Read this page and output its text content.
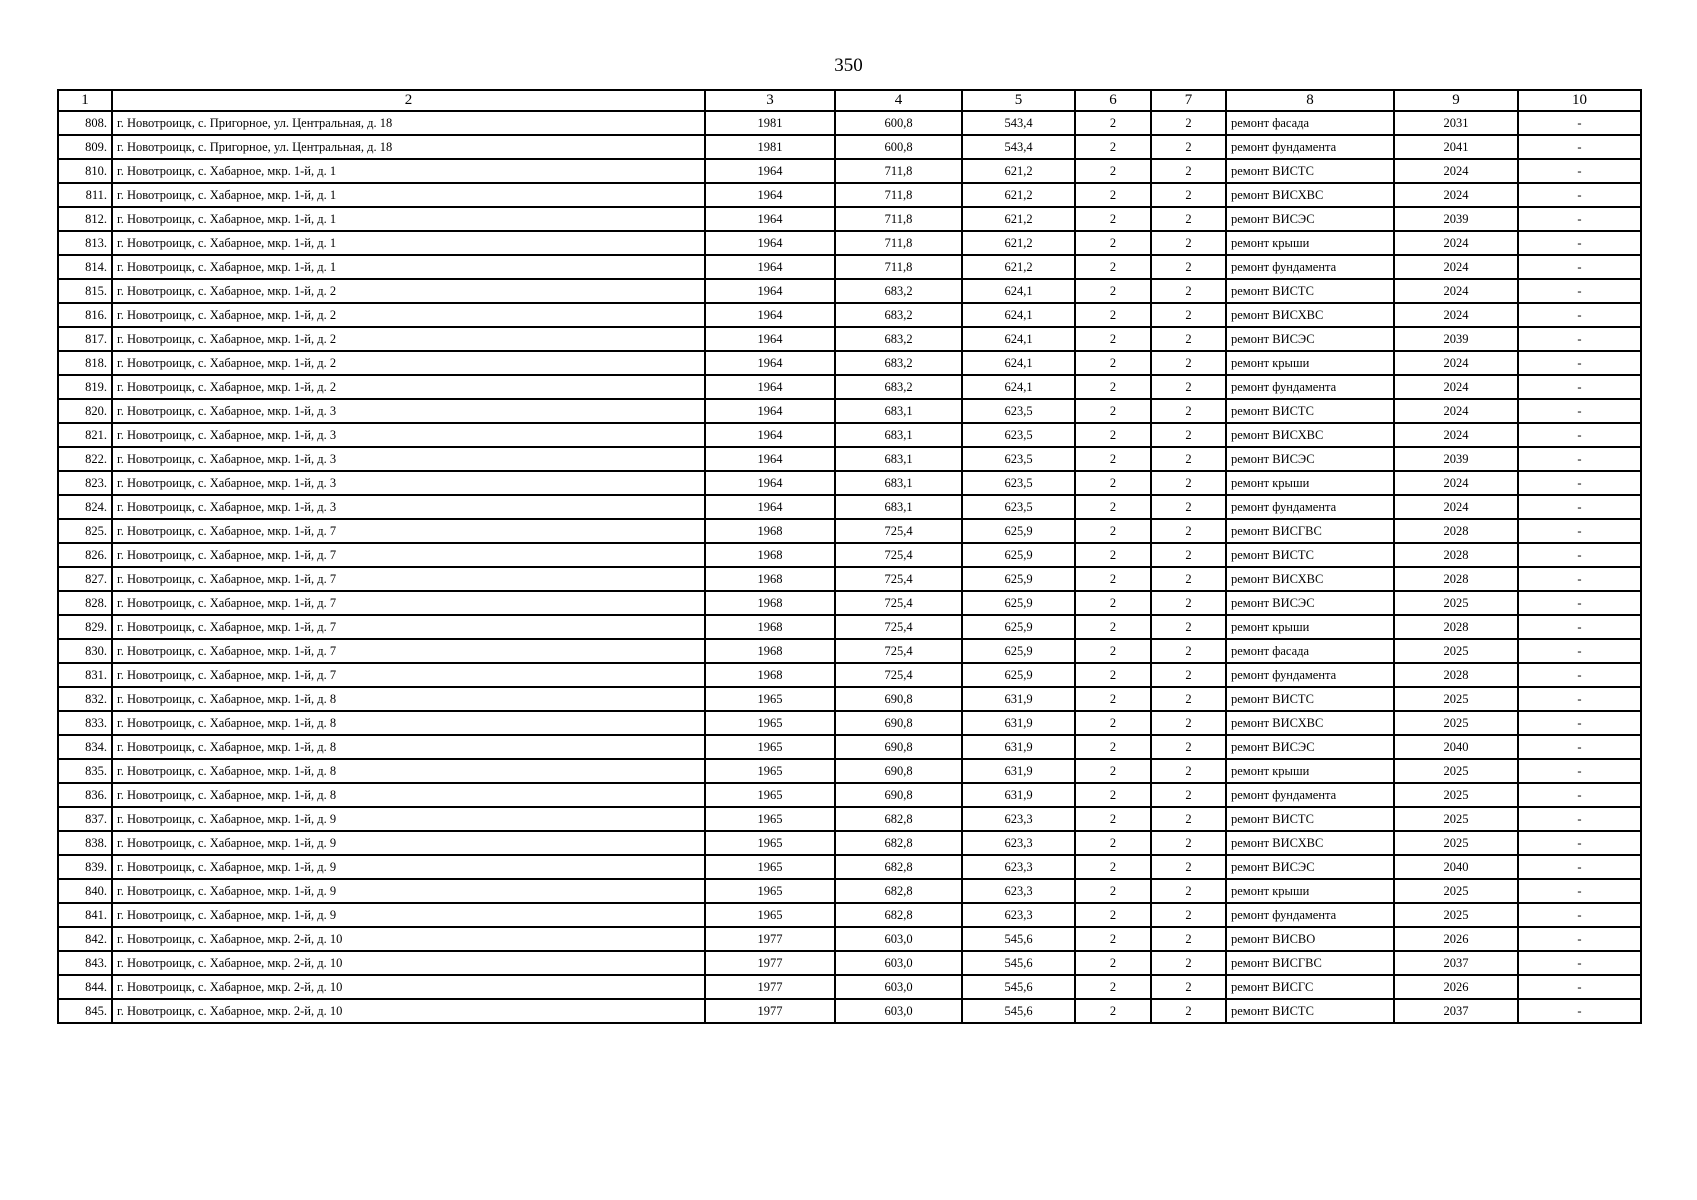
350
1	2	3	4	5	6	7	8	9	10
808.	г. Новотроицк, с. Пригорное, ул. Центральная, д. 18	1981	600,8	543,4	2	2	ремонт фасада	2031	-
809.	г. Новотроицк, с. Пригорное, ул. Центральная, д. 18	1981	600,8	543,4	2	2	ремонт фундамента	2041	-
810.	г. Новотроицк, с. Хабарное, мкр. 1-й, д. 1	1964	711,8	621,2	2	2	ремонт ВИСТС	2024	-
811.	г. Новотроицк, с. Хабарное, мкр. 1-й, д. 1	1964	711,8	621,2	2	2	ремонт ВИСХВС	2024	-
812.	г. Новотроицк, с. Хабарное, мкр. 1-й, д. 1	1964	711,8	621,2	2	2	ремонт ВИСЭС	2039	-
813.	г. Новотроицк, с. Хабарное, мкр. 1-й, д. 1	1964	711,8	621,2	2	2	ремонт крыши	2024	-
814.	г. Новотроицк, с. Хабарное, мкр. 1-й, д. 1	1964	711,8	621,2	2	2	ремонт фундамента	2024	-
815.	г. Новотроицк, с. Хабарное, мкр. 1-й, д. 2	1964	683,2	624,1	2	2	ремонт ВИСТС	2024	-
816.	г. Новотроицк, с. Хабарное, мкр. 1-й, д. 2	1964	683,2	624,1	2	2	ремонт ВИСХВС	2024	-
817.	г. Новотроицк, с. Хабарное, мкр. 1-й, д. 2	1964	683,2	624,1	2	2	ремонт ВИСЭС	2039	-
818.	г. Новотроицк, с. Хабарное, мкр. 1-й, д. 2	1964	683,2	624,1	2	2	ремонт крыши	2024	-
819.	г. Новотроицк, с. Хабарное, мкр. 1-й, д. 2	1964	683,2	624,1	2	2	ремонт фундамента	2024	-
820.	г. Новотроицк, с. Хабарное, мкр. 1-й, д. 3	1964	683,1	623,5	2	2	ремонт ВИСТС	2024	-
821.	г. Новотроицк, с. Хабарное, мкр. 1-й, д. 3	1964	683,1	623,5	2	2	ремонт ВИСХВС	2024	-
822.	г. Новотроицк, с. Хабарное, мкр. 1-й, д. 3	1964	683,1	623,5	2	2	ремонт ВИСЭС	2039	-
823.	г. Новотроицк, с. Хабарное, мкр. 1-й, д. 3	1964	683,1	623,5	2	2	ремонт крыши	2024	-
824.	г. Новотроицк, с. Хабарное, мкр. 1-й, д. 3	1964	683,1	623,5	2	2	ремонт фундамента	2024	-
825.	г. Новотроицк, с. Хабарное, мкр. 1-й, д. 7	1968	725,4	625,9	2	2	ремонт ВИСГВС	2028	-
826.	г. Новотроицк, с. Хабарное, мкр. 1-й, д. 7	1968	725,4	625,9	2	2	ремонт ВИСТС	2028	-
827.	г. Новотроицк, с. Хабарное, мкр. 1-й, д. 7	1968	725,4	625,9	2	2	ремонт ВИСХВС	2028	-
828.	г. Новотроицк, с. Хабарное, мкр. 1-й, д. 7	1968	725,4	625,9	2	2	ремонт ВИСЭС	2025	-
829.	г. Новотроицк, с. Хабарное, мкр. 1-й, д. 7	1968	725,4	625,9	2	2	ремонт крыши	2028	-
830.	г. Новотроицк, с. Хабарное, мкр. 1-й, д. 7	1968	725,4	625,9	2	2	ремонт фасада	2025	-
831.	г. Новотроицк, с. Хабарное, мкр. 1-й, д. 7	1968	725,4	625,9	2	2	ремонт фундамента	2028	-
832.	г. Новотроицк, с. Хабарное, мкр. 1-й, д. 8	1965	690,8	631,9	2	2	ремонт ВИСТС	2025	-
833.	г. Новотроицк, с. Хабарное, мкр. 1-й, д. 8	1965	690,8	631,9	2	2	ремонт ВИСХВС	2025	-
834.	г. Новотроицк, с. Хабарное, мкр. 1-й, д. 8	1965	690,8	631,9	2	2	ремонт ВИСЭС	2040	-
835.	г. Новотроицк, с. Хабарное, мкр. 1-й, д. 8	1965	690,8	631,9	2	2	ремонт крыши	2025	-
836.	г. Новотроицк, с. Хабарное, мкр. 1-й, д. 8	1965	690,8	631,9	2	2	ремонт фундамента	2025	-
837.	г. Новотроицк, с. Хабарное, мкр. 1-й, д. 9	1965	682,8	623,3	2	2	ремонт ВИСТС	2025	-
838.	г. Новотроицк, с. Хабарное, мкр. 1-й, д. 9	1965	682,8	623,3	2	2	ремонт ВИСХВС	2025	-
839.	г. Новотроицк, с. Хабарное, мкр. 1-й, д. 9	1965	682,8	623,3	2	2	ремонт ВИСЭС	2040	-
840.	г. Новотроицк, с. Хабарное, мкр. 1-й, д. 9	1965	682,8	623,3	2	2	ремонт крыши	2025	-
841.	г. Новотроицк, с. Хабарное, мкр. 1-й, д. 9	1965	682,8	623,3	2	2	ремонт фундамента	2025	-
842.	г. Новотроицк, с. Хабарное, мкр. 2-й, д. 10	1977	603,0	545,6	2	2	ремонт ВИСВО	2026	-
843.	г. Новотроицк, с. Хабарное, мкр. 2-й, д. 10	1977	603,0	545,6	2	2	ремонт ВИСГВС	2037	-
844.	г. Новотроицк, с. Хабарное, мкр. 2-й, д. 10	1977	603,0	545,6	2	2	ремонт ВИСГС	2026	-
845.	г. Новотроицк, с. Хабарное, мкр. 2-й, д. 10	1977	603,0	545,6	2	2	ремонт ВИСТС	2037	-
